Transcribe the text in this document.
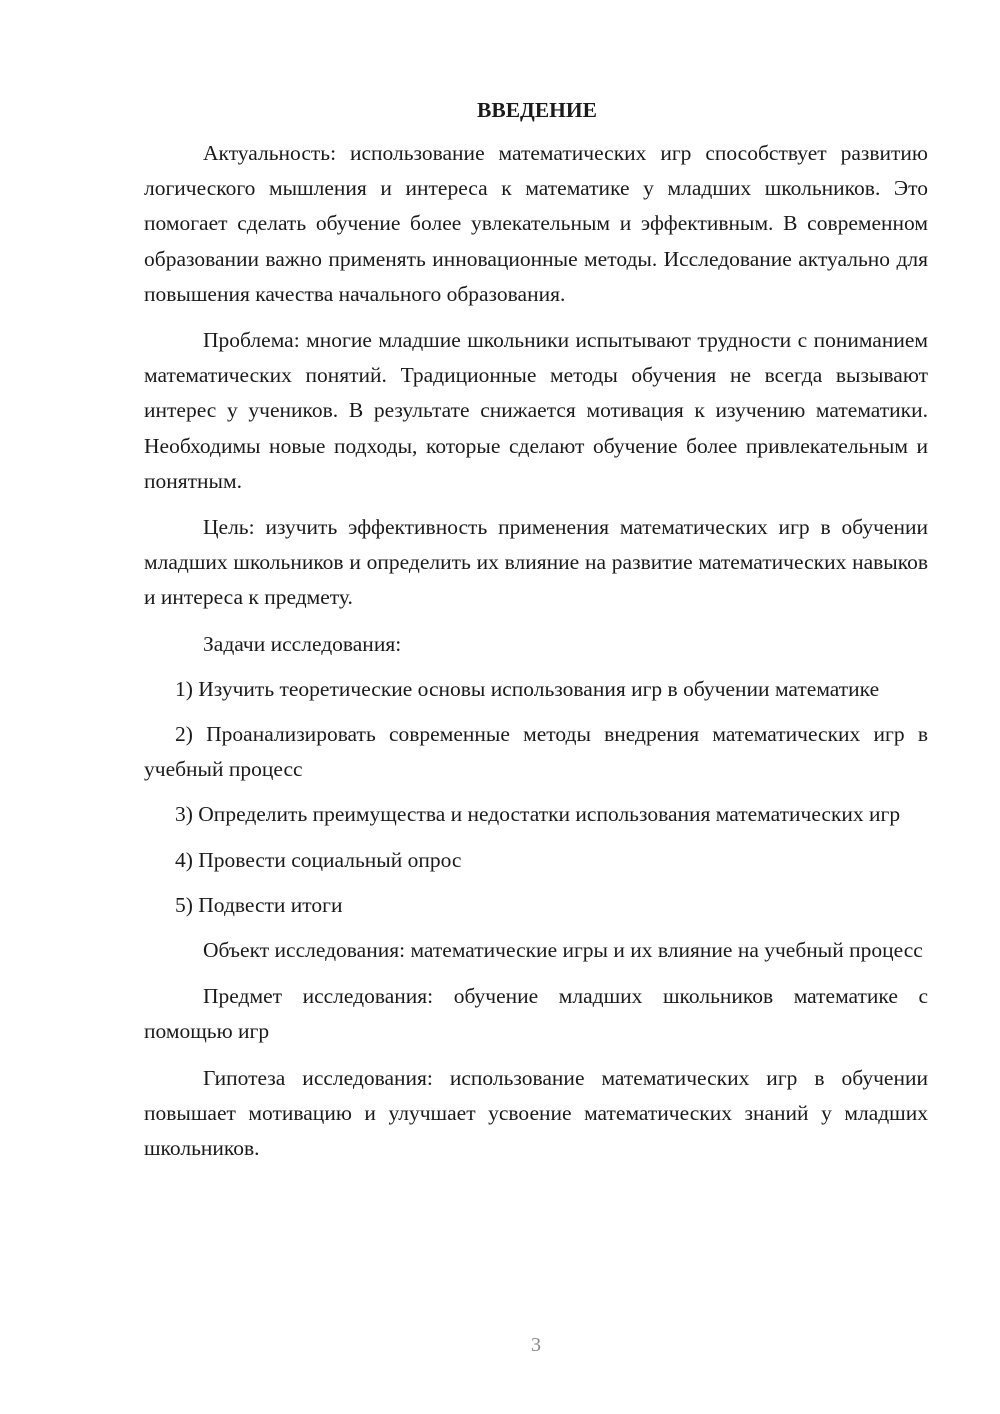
ВВЕДЕНИЕ

Актуальность: использование математических игр способствует развитию логического мышления и интереса к математике у младших школьников. Это помогает сделать обучение более увлекательным и эффективным. В современном образовании важно применять инновационные методы. Исследование актуально для повышения качества начального образования.

Проблема: многие младшие школьники испытывают трудности с пониманием математических понятий. Традиционные методы обучения не всегда вызывают интерес у учеников. В результате снижается мотивация к изучению математики. Необходимы новые подходы, которые сделают обучение более привлекательным и понятным.

Цель: изучить эффективность применения математических игр в обучении младших школьников и определить их влияние на развитие математических навыков и интереса к предмету.

Задачи исследования:

1) Изучить теоретические основы использования игр в обучении математике

2) Проанализировать современные методы внедрения математических игр в учебный процесс

3) Определить преимущества и недостатки использования математических игр

4) Провести социальный опрос

5) Подвести итоги

Объект исследования: математические игры и их влияние на учебный процесс

Предмет исследования: обучение младших школьников математике с помощью игр

Гипотеза исследования: использование математических игр в обучении повышает мотивацию и улучшает усвоение математических знаний у младших школьников.

3
